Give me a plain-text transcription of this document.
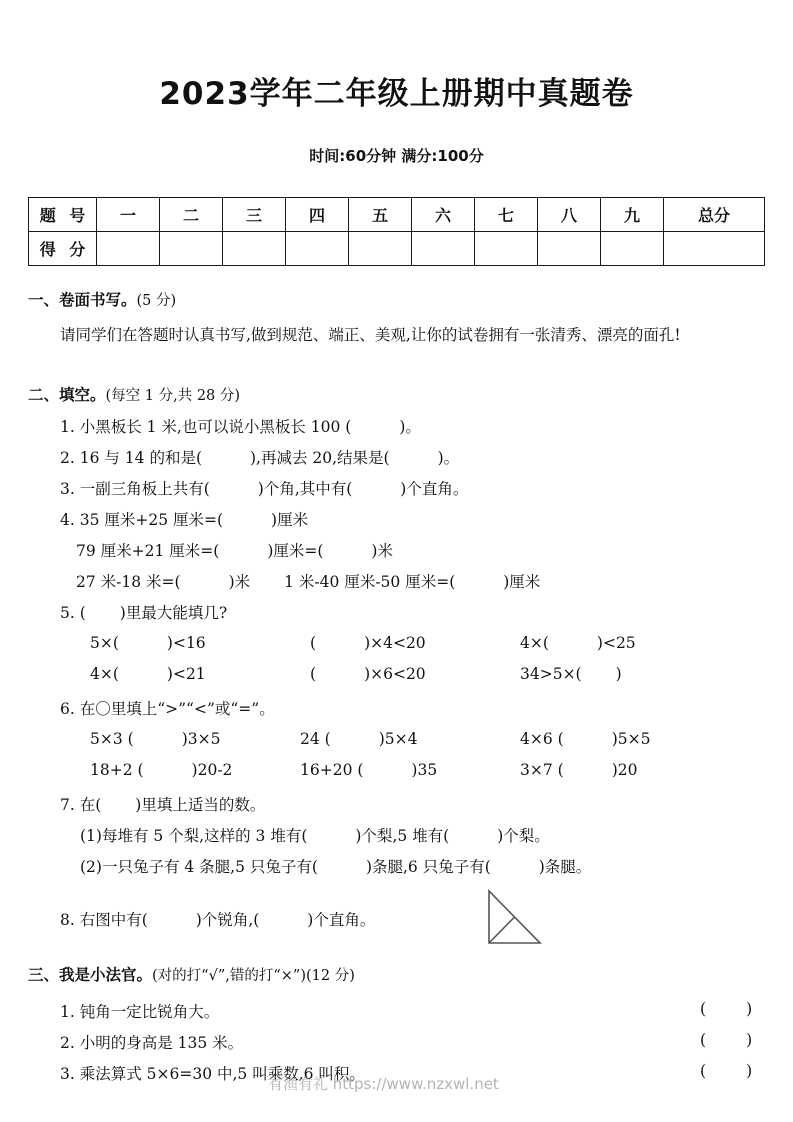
2023学年二年级上册期中真题卷
时间:60分钟 满分:100分
题 号	一	二	三	四	五	六	七	八	九	总分
得 分										
一、卷面书写。(5 分)
请同学们在答题时认真书写,做到规范、端正、美观,让你的试卷拥有一张清秀、漂亮的面孔!
二、填空。(每空 1 分,共 28 分)
1. 小黑板长 1 米,也可以说小黑板长 100 (	)。
2. 16 与 14 的和是(	),再减去 20,结果是(	)。
3. 一副三角板上共有(	)个角,其中有(	)个直角。
4. 35 厘米+25 厘米=(	)厘米
79 厘米+21 厘米=(	)厘米=(	)米
27 米-18 米=(	)米 1 米-40 厘米-50 厘米=(	)厘米
5. ( )里最大能填几?
5×(	)<16	(	)×4<20	4×(	)<25
4×(	)<21	(	)×6<20	34>5×( )
6. 在〇里填上“>”“<”或“=”。
5×3 (	)3×5	24 (	)5×4	4×6 (	)5×5
18+2 (	)20-2	16+20 (	)35	3×7 (	)20
7. 在( )里填上适当的数。
(1)每堆有 5 个梨,这样的 3 堆有(	)个梨,5 堆有(	)个梨。
(2)一只兔子有 4 条腿,5 只兔子有(	)条腿,6 只兔子有(	)条腿。
8. 右图中有(	)个锐角,(	)个直角。
三、我是小法官。(对的打“√”,错的打“×”)(12 分)
1. 钝角一定比锐角大。	(	)
2. 小明的身高是 135 米。	(	)
3. 乘法算式 5×6=30 中,5 叫乘数,6 叫积。	(	)
有渔有礼 https://www.nzxwl.net
